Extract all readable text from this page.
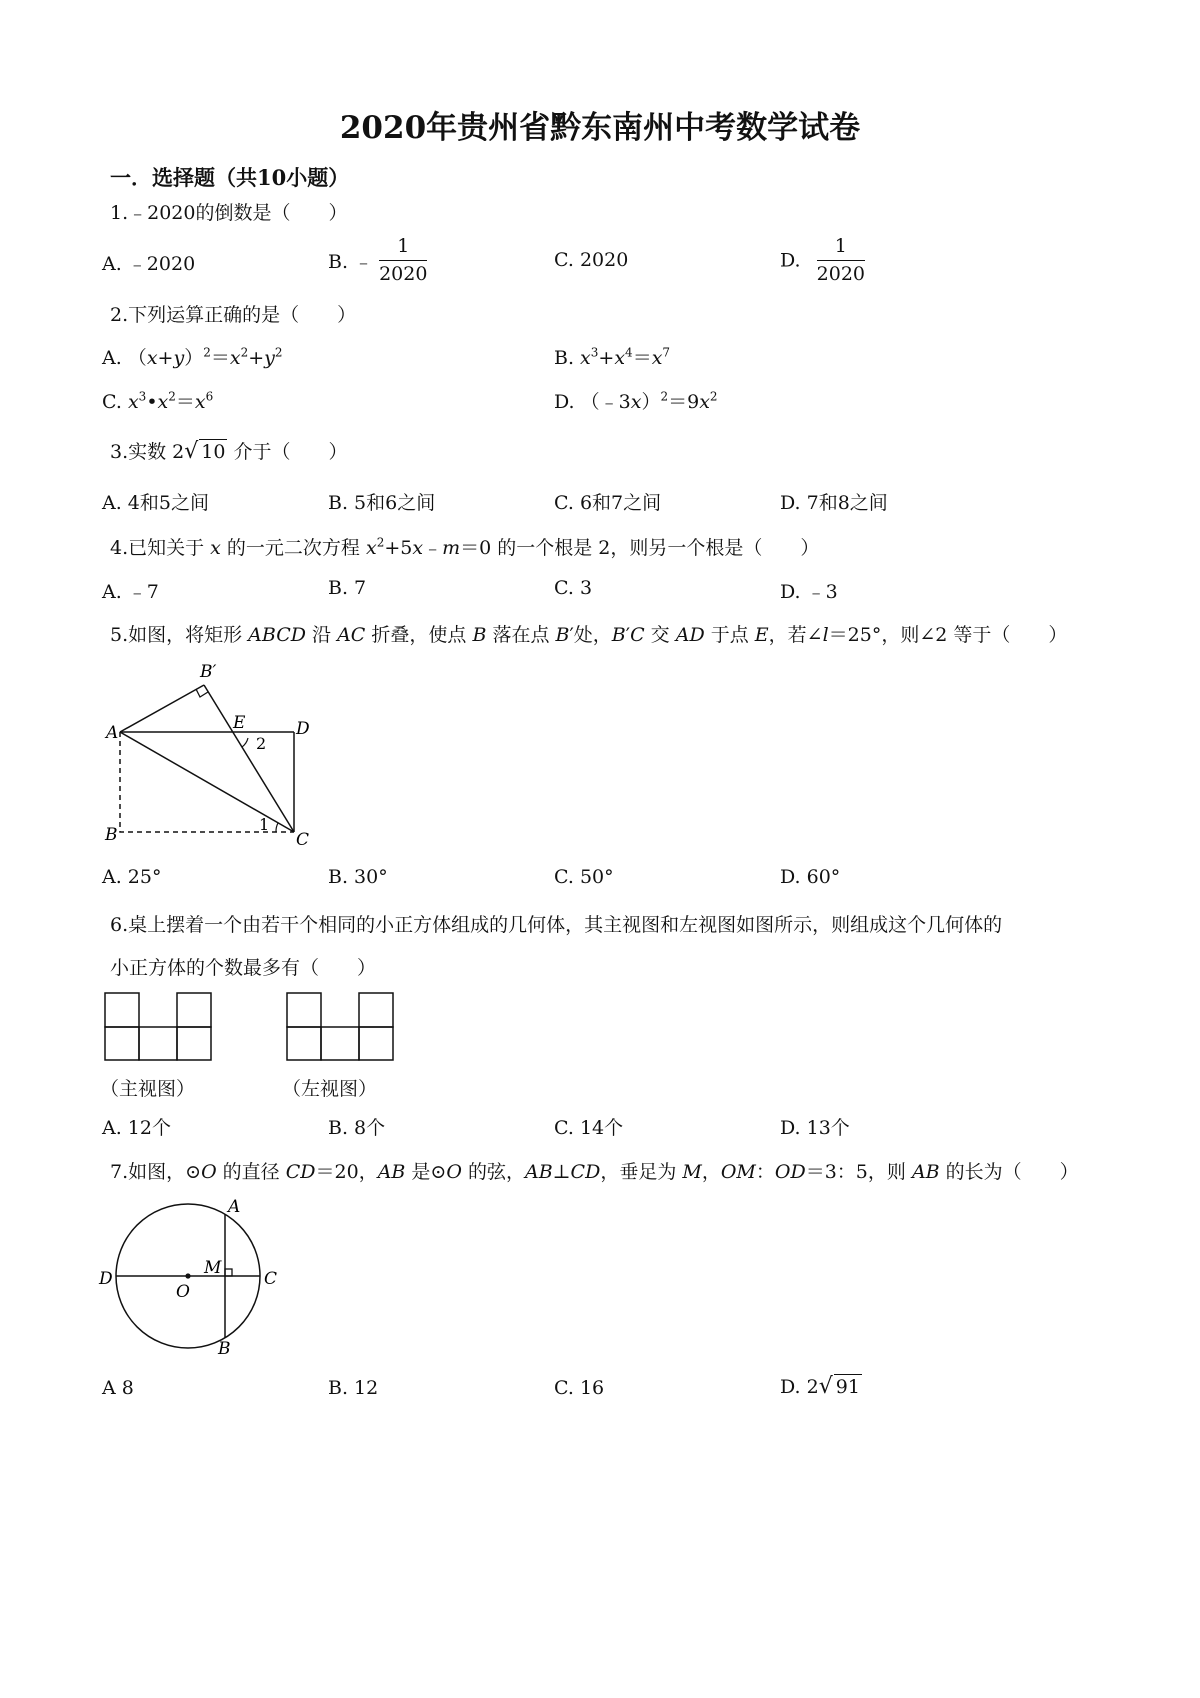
2020年贵州省黔东南州中考数学试卷
一．选择题（共10小题）
1.﹣2020的倒数是（　　）
A. ﹣2020	B. ﹣ $\frac{1}{2020}$	C. 2020	D. $\frac{1}{2020}$
2.下列运算正确的是（　　）
A. $(x+y)^2=x^2+y^2$	B. $x^3+x^4=x^7$
C. $x^3•x^2=x^6$	D. $(﹣3x)^2=9x^2$
3.实数 2√ 10 介于（　　）
A. 4和5之间	B. 5和6之间	C. 6和7之间	D. 7和8之间
4.已知关于 x 的一元二次方程 $x^2+5x﹣m=0$ 的一个根是 2，则另一个根是（　　）
A. ﹣7	B. 7	C. 3	D. ﹣3
5.如图，将矩形 ABCD 沿 AC 折叠，使点 B 落在点 B′处，B′C 交 AD 于点 E，若∠l＝25°，则∠2 等于（　　）
A
B	C
D
E
B′
2
1
A. 25°	B. 30°	C. 50°	D. 60°
6.桌上摆着一个由若干个相同的小正方体组成的几何体，其主视图和左视图如图所示，则组成这个几何体的
小正方体的个数最多有（　　）
（主视图）	（左视图）
A. 12个	B. 8个	C. 14个	D. 13个
7.如图，⊙O 的直径 CD＝20，AB 是⊙O 的弦，AB⊥CD，垂足为 M，OM：OD＝3：5，则 AB 的长为（　　）
D	C
A
B
M
O
A 8	B. 12	C. 16	D. 2√ 91
